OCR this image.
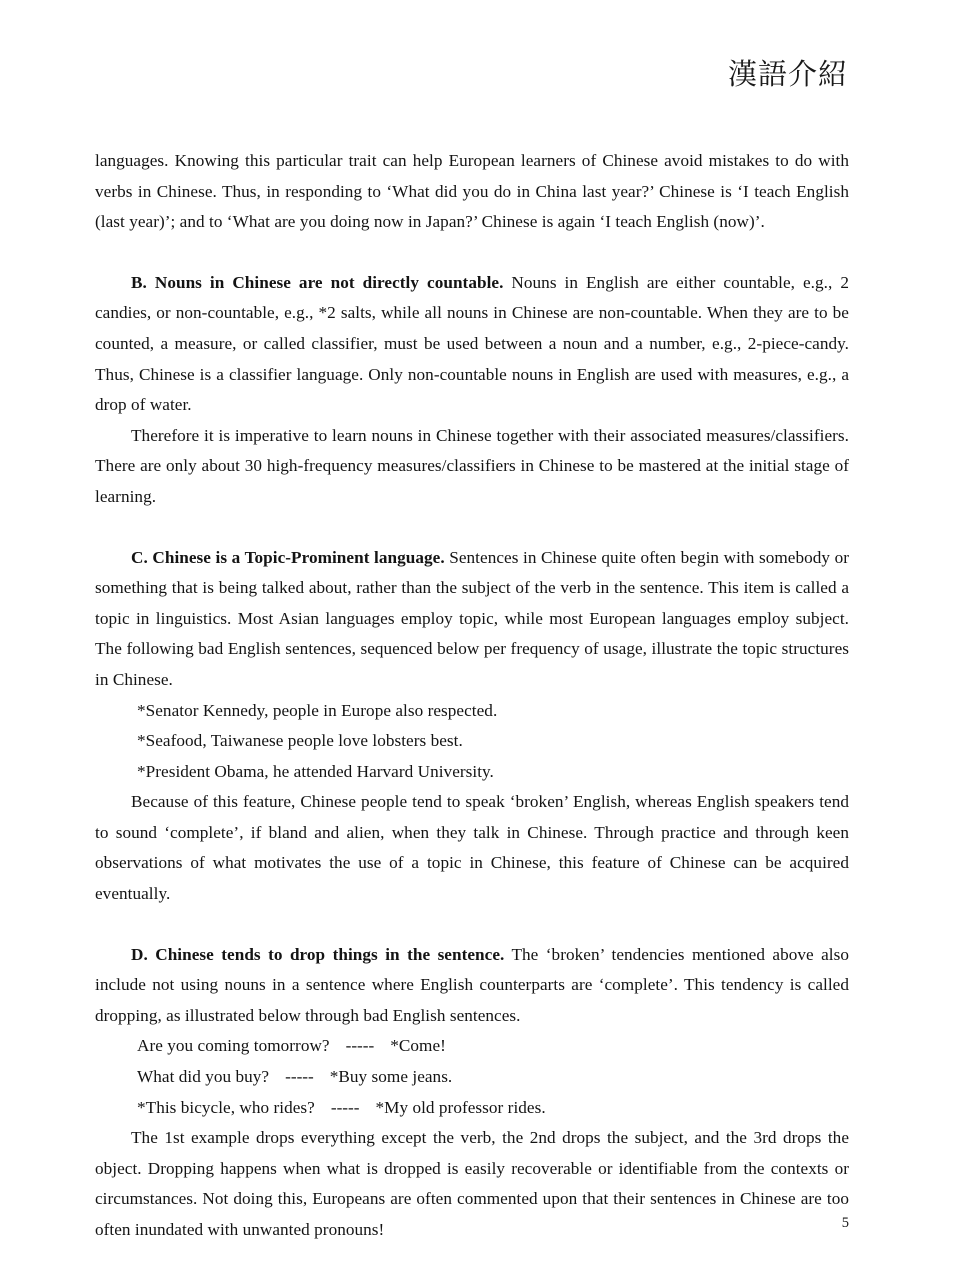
漢語介紹

languages. Knowing this particular trait can help European learners of Chinese avoid mistakes to do with verbs in Chinese. Thus, in responding to ‘What did you do in China last year?’ Chinese is ‘I teach English (last year)’; and to ‘What are you doing now in Japan?’ Chinese is again ‘I teach English (now)’.

B. Nouns in Chinese are not directly countable. Nouns in English are either countable, e.g., 2 candies, or non-countable, e.g., *2 salts, while all nouns in Chinese are non-countable. When they are to be counted, a measure, or called classifier, must be used between a noun and a number, e.g., 2-piece-candy. Thus, Chinese is a classifier language. Only non-countable nouns in English are used with measures, e.g., a drop of water.

Therefore it is imperative to learn nouns in Chinese together with their associated measures/classifiers. There are only about 30 high-frequency measures/classifiers in Chinese to be mastered at the initial stage of learning.

C. Chinese is a Topic-Prominent language. Sentences in Chinese quite often begin with somebody or something that is being talked about, rather than the subject of the verb in the sentence. This item is called a topic in linguistics. Most Asian languages employ topic, while most European languages employ subject. The following bad English sentences, sequenced below per frequency of usage, illustrate the topic structures in Chinese.

*Senator Kennedy, people in Europe also respected.

*Seafood, Taiwanese people love lobsters best.

*President Obama, he attended Harvard University.

Because of this feature, Chinese people tend to speak ‘broken’ English, whereas English speakers tend to sound ‘complete’, if bland and alien, when they talk in Chinese. Through practice and through keen observations of what motivates the use of a topic in Chinese, this feature of Chinese can be acquired eventually.

D. Chinese tends to drop things in the sentence. The ‘broken’ tendencies mentioned above also include not using nouns in a sentence where English counterparts are ‘complete’. This tendency is called dropping, as illustrated below through bad English sentences.

Are you coming tomorrow? ----- *Come!

What did you buy? ----- *Buy some jeans.

*This bicycle, who rides? ----- *My old professor rides.

The 1st example drops everything except the verb, the 2nd drops the subject, and the 3rd drops the object. Dropping happens when what is dropped is easily recoverable or identifiable from the contexts or circumstances. Not doing this, Europeans are often commented upon that their sentences in Chinese are too often inundated with unwanted pronouns!	5
